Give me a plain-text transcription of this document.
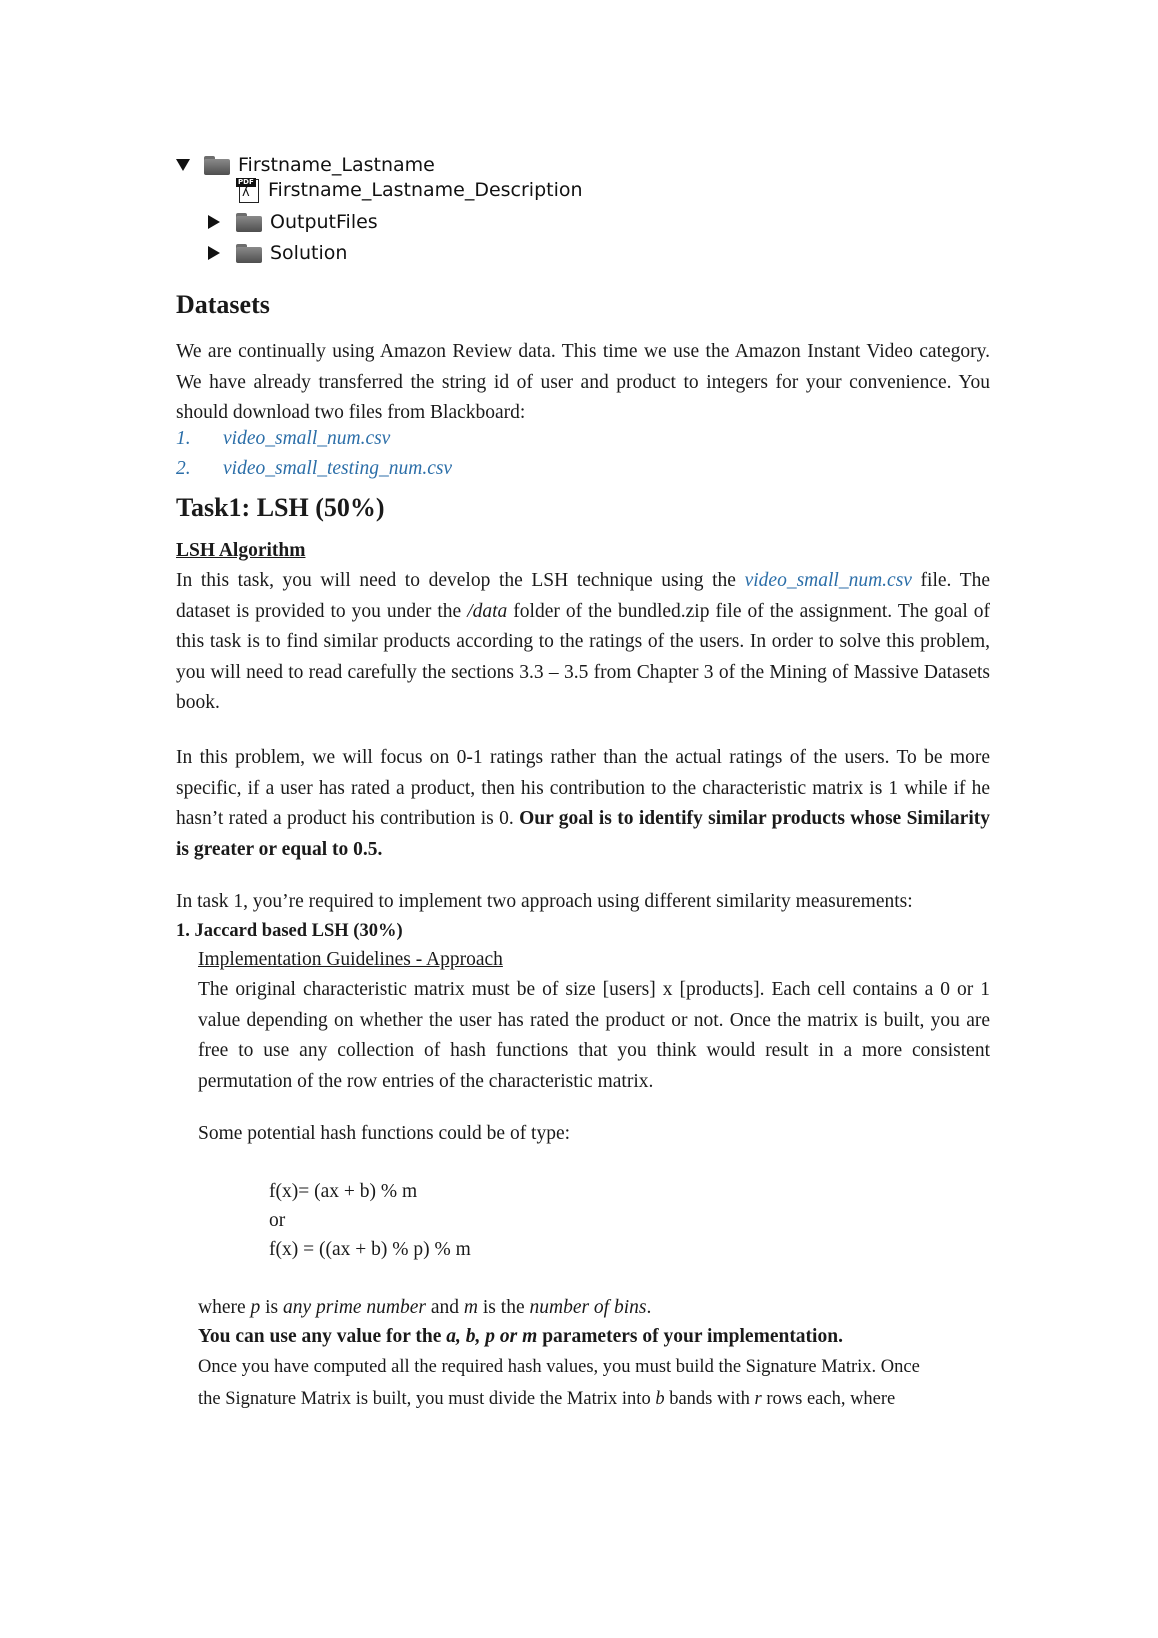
Firstname_Lastname
PDF
ʎ Firstname_Lastname_Description
OutputFiles
Solution
Datasets

We are continually using Amazon Review data. This time we use the Amazon Instant Video category. We have already transferred the string id of user and product to integers for your convenience. You should download two files from Blackboard:

1. video_small_num.csv
2. video_small_testing_num.csv
Task1: LSH (50%)
LSH Algorithm

In this task, you will need to develop the LSH technique using the video_small_num.csv file. The dataset is provided to you under the /data folder of the bundled.zip file of the assignment. The goal of this task is to find similar products according to the ratings of the users. In order to solve this problem, you will need to read carefully the sections 3.3 – 3.5 from Chapter 3 of the Mining of Massive Datasets book.

In this problem, we will focus on 0-1 ratings rather than the actual ratings of the users. To be more specific, if a user has rated a product, then his contribution to the characteristic matrix is 1 while if he hasn’t rated a product his contribution is 0. Our goal is to identify similar products whose Similarity is greater or equal to 0.5.

In task 1, you’re required to implement two approach using different similarity measurements:

1. Jaccard based LSH (30%)
Implementation Guidelines - Approach

The original characteristic matrix must be of size [users] x [products]. Each cell contains a 0 or 1 value depending on whether the user has rated the product or not. Once the matrix is built, you are free to use any collection of hash functions that you think would result in a more consistent permutation of the row entries of the characteristic matrix.

Some potential hash functions could be of type:

f(x)= (ax + b) % m
or
f(x) = ((ax + b) % p) % m

where p is any prime number and m is the number of bins.

You can use any value for the a, b, p or m parameters of your implementation.

Once you have computed all the required hash values, you must build the Signature Matrix. Once
the Signature Matrix is built, you must divide the Matrix into b bands with r rows each, where
